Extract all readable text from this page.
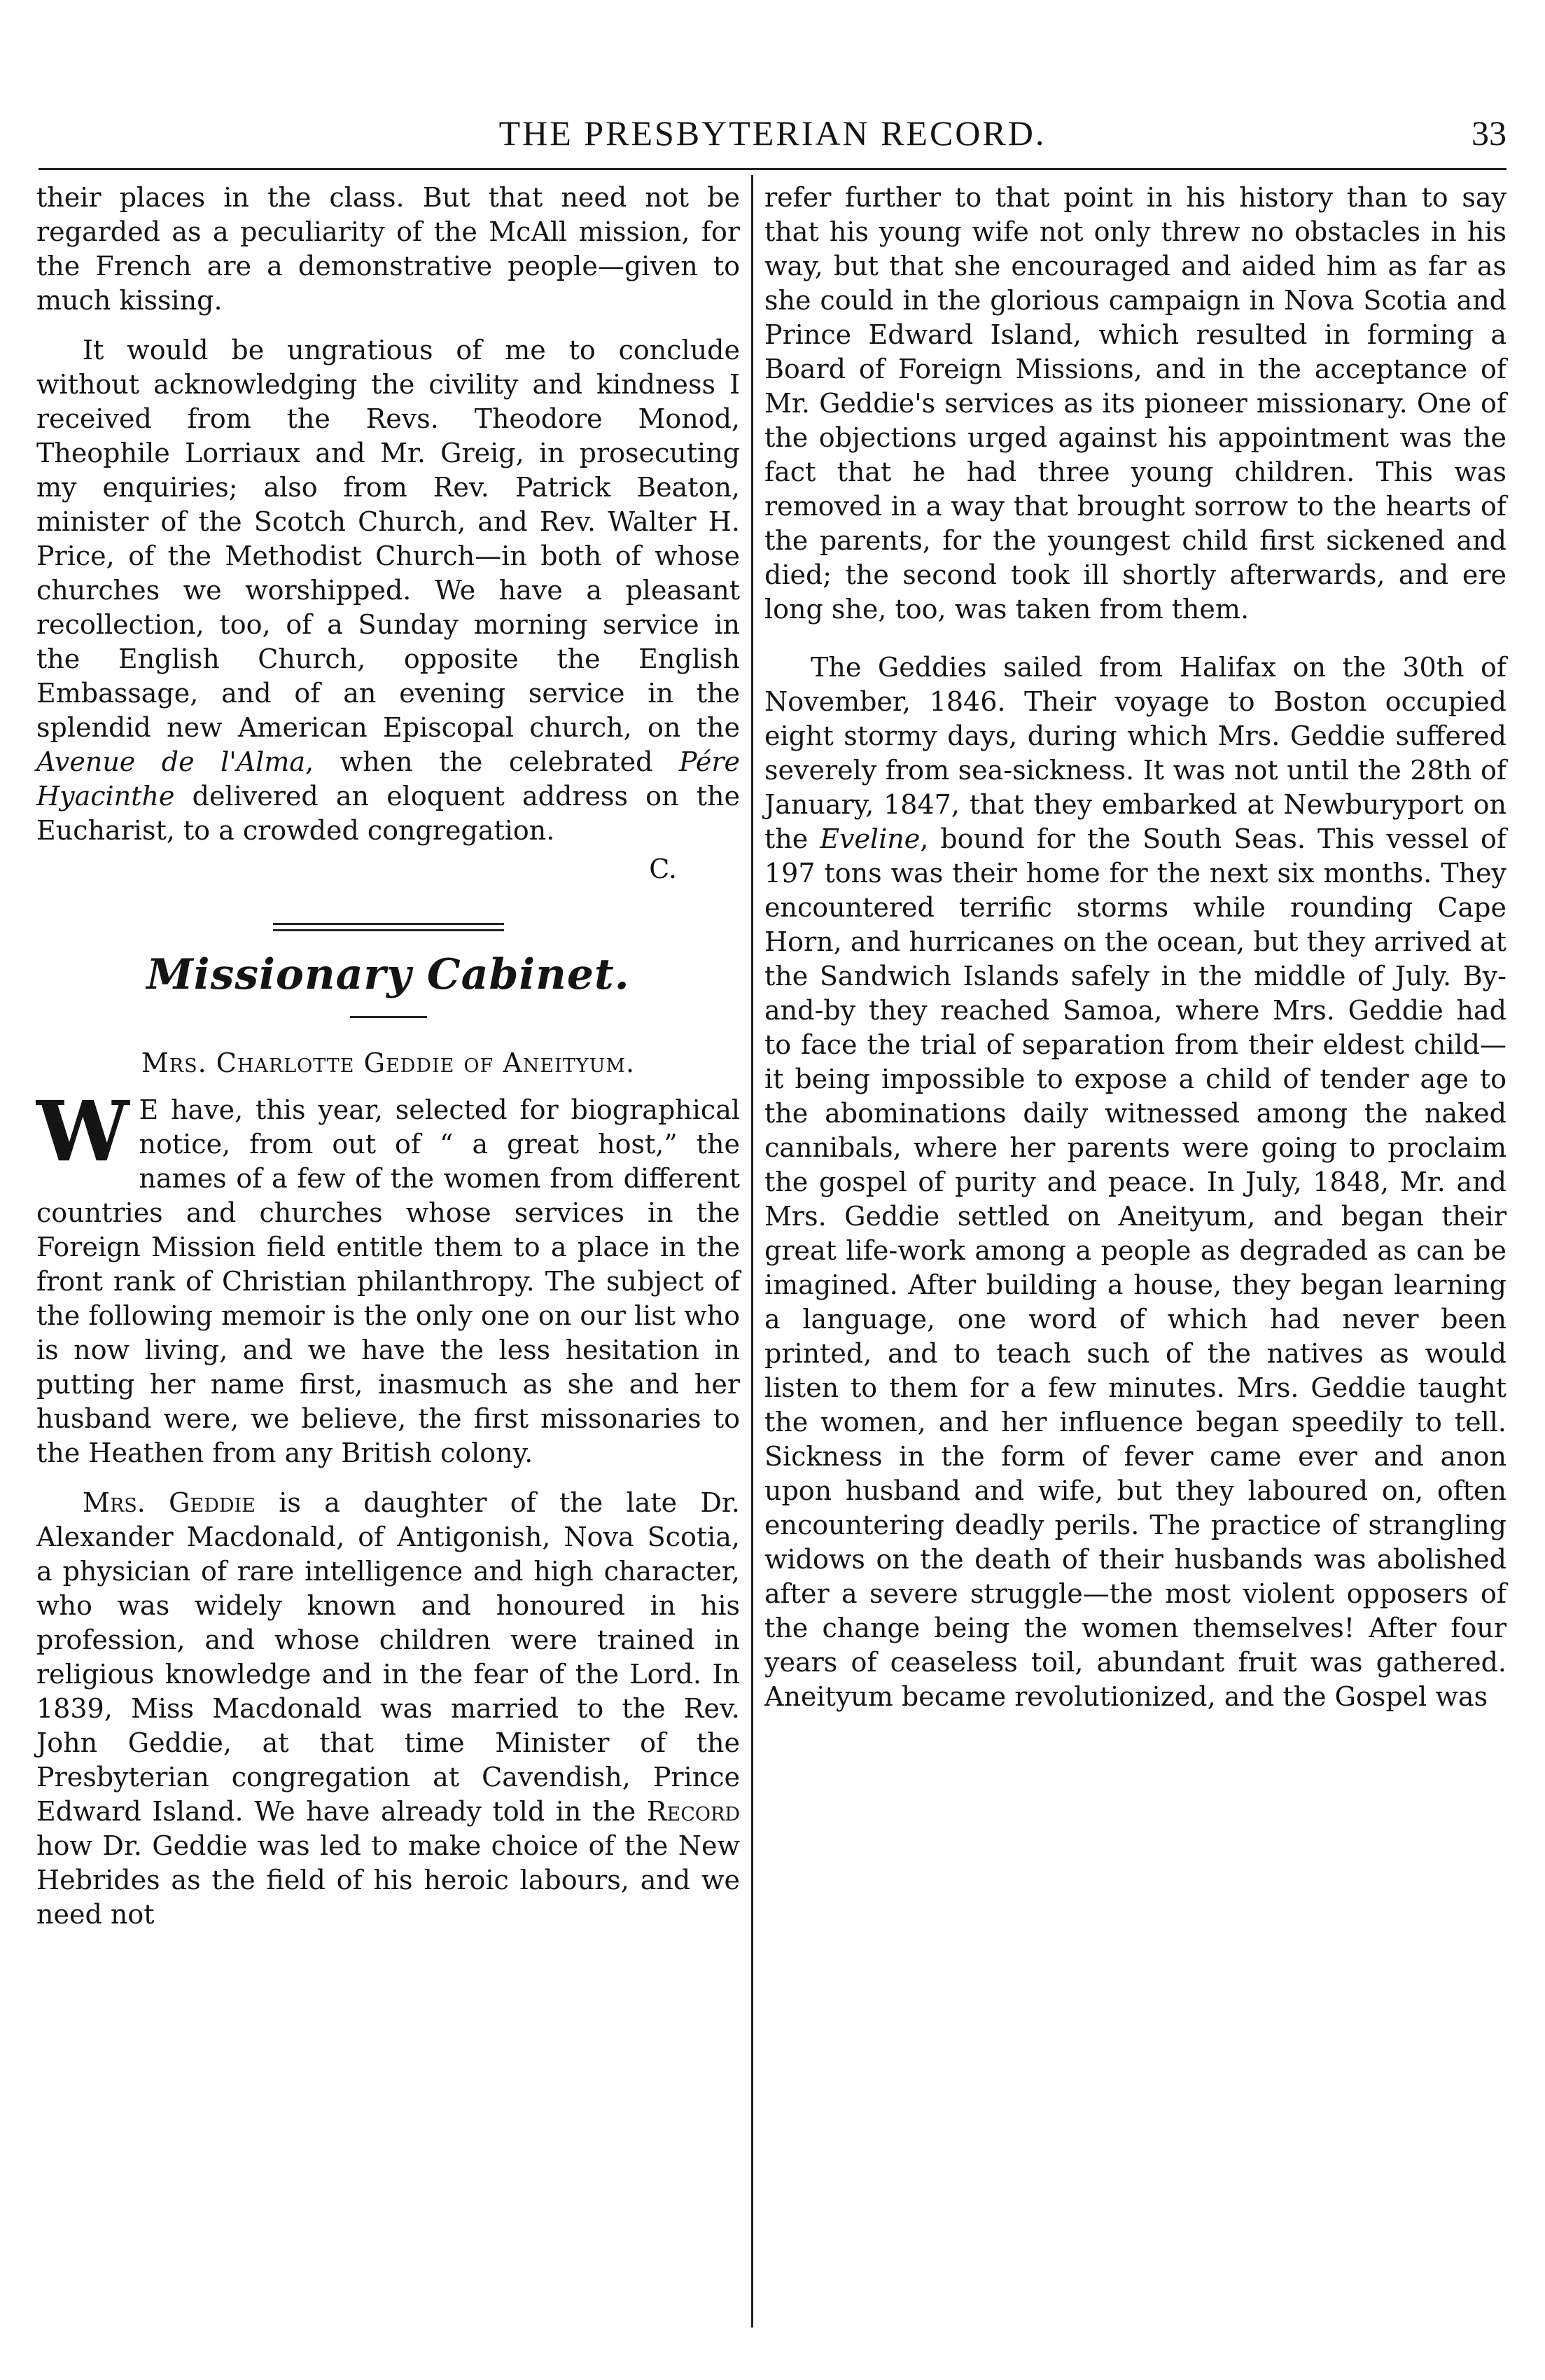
THE PRESBYTERIAN RECORD.	33

their places in the class. But that need not be regarded as a peculiarity of the McAll mission, for the French are a demonstrative people—given to much kissing.

It would be ungratious of me to conclude without acknowledging the civility and kindness I received from the Revs. Theodore Monod, Theophile Lorriaux and Mr. Greig, in prosecuting my enquiries; also from Rev. Patrick Beaton, minister of the Scotch Church, and Rev. Walter H. Price, of the Methodist Church—in both of whose churches we worshipped. We have a pleasant recollection, too, of a Sunday morning service in the English Church, opposite the English Embassage, and of an evening service in the splendid new American Episcopal church, on the Avenue de l'Alma, when the celebrated Pére Hyacinthe delivered an eloquent address on the Eucharist, to a crowded congregation.

C.
Missionary Cabinet.
Mrs. Charlotte Geddie of Aneityum.

W E have, this year, selected for biographical notice, from out of “ a great host,” the names of a few of the women from different countries and churches whose services in the Foreign Mission field entitle them to a place in the front rank of Christian philanthropy. The subject of the following memoir is the only one on our list who is now living, and we have the less hesitation in putting her name first, inasmuch as she and her husband were, we believe, the first missonaries to the Heathen from any British colony.

Mrs. Geddie is a daughter of the late Dr. Alexander Macdonald, of Antigonish, Nova Scotia, a physician of rare intelligence and high character, who was widely known and honoured in his profession, and whose children were trained in religious knowledge and in the fear of the Lord. In 1839, Miss Macdonald was married to the Rev. John Geddie, at that time Minister of the Presbyterian congregation at Cavendish, Prince Edward Island. We have already told in the Record how Dr. Geddie was led to make choice of the New Hebrides as the field of his heroic labours, and we need not

refer further to that point in his history than to say that his young wife not only threw no obstacles in his way, but that she encouraged and aided him as far as she could in the glorious campaign in Nova Scotia and Prince Edward Island, which resulted in forming a Board of Foreign Missions, and in the acceptance of Mr. Geddie's services as its pioneer missionary. One of the objections urged against his appointment was the fact that he had three young children. This was removed in a way that brought sorrow to the hearts of the parents, for the youngest child first sickened and died; the second took ill shortly afterwards, and ere long she, too, was taken from them.

The Geddies sailed from Halifax on the 30th of November, 1846. Their voyage to Boston occupied eight stormy days, during which Mrs. Geddie suffered severely from sea-sickness. It was not until the 28th of January, 1847, that they embarked at Newburyport on the Eveline, bound for the South Seas. This vessel of 197 tons was their home for the next six months. They encountered terrific storms while rounding Cape Horn, and hurricanes on the ocean, but they arrived at the Sandwich Islands safely in the middle of July. By-and-by they reached Samoa, where Mrs. Geddie had to face the trial of separation from their eldest child—it being impossible to expose a child of tender age to the abominations daily witnessed among the naked cannibals, where her parents were going to proclaim the gospel of purity and peace. In July, 1848, Mr. and Mrs. Geddie settled on Aneityum, and began their great life-work among a people as degraded as can be imagined. After building a house, they began learning a language, one word of which had never been printed, and to teach such of the natives as would listen to them for a few minutes. Mrs. Geddie taught the women, and her influence began speedily to tell. Sickness in the form of fever came ever and anon upon husband and wife, but they laboured on, often encountering deadly perils. The practice of strangling widows on the death of their husbands was abolished after a severe struggle—the most violent opposers of the change being the women themselves! After four years of ceaseless toil, abundant fruit was gathered. Aneityum became revolutionized, and the Gospel was
